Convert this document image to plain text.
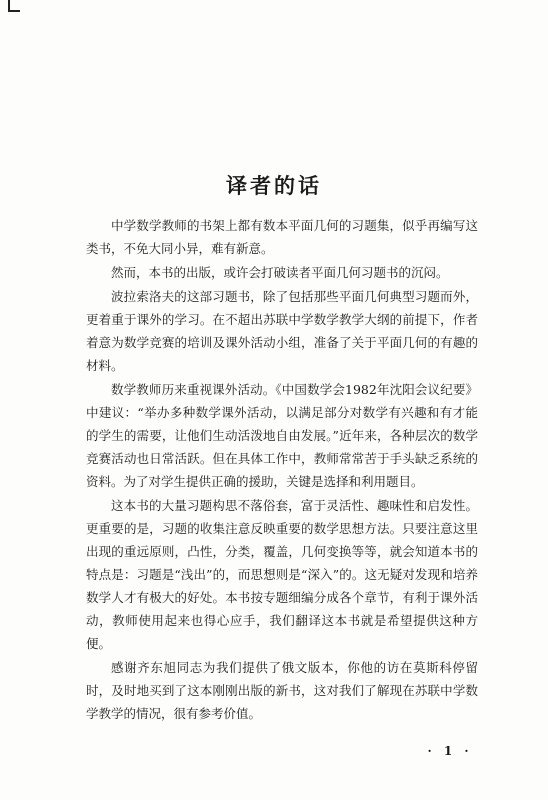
译者的话

中学数学教师的书架上都有数本平面几何的习题集，似乎再编写这类书，不免大同小异，难有新意。

然而，本书的出版，或许会打破读者平面几何习题书的沉闷。

波拉索洛夫的这部习题书，除了包括那些平面几何典型习题而外，更着重于课外的学习。在不超出苏联中学数学教学大纲的前提下，作者着意为数学竞赛的培训及课外活动小组，准备了关于平面几何的有趣的材料。

数学教师历来重视课外活动。《中国数学会1982年沈阳会议纪要》中建议：“举办多种数学课外活动，以满足部分对数学有兴趣和有才能的学生的需要，让他们生动活泼地自由发展。”近年来，各种层次的数学竞赛活动也日常活跃。但在具体工作中，教师常常苦于手头缺乏系统的资料。为了对学生提供正确的援助，关键是选择和利用题目。

这本书的大量习题构思不落俗套，富于灵活性、趣味性和启发性。更重要的是，习题的收集注意反映重要的数学思想方法。只要注意这里出现的重远原则，凸性，分类，覆盖，几何变换等等，就会知道本书的特点是：习题是“浅出”的，而思想则是“深入”的。这无疑对发现和培养数学人才有极大的好处。本书按专题细编分成各个章节，有利于课外活动，教师使用起来也得心应手，我们翻译这本书就是希望提供这种方便。

感谢齐东旭同志为我们提供了俄文版本，你他的访在莫斯科停留时，及时地买到了这本刚刚出版的新书，这对我们了解现在苏联中学数学教学的情况，很有参考价值。

· 1 ·
